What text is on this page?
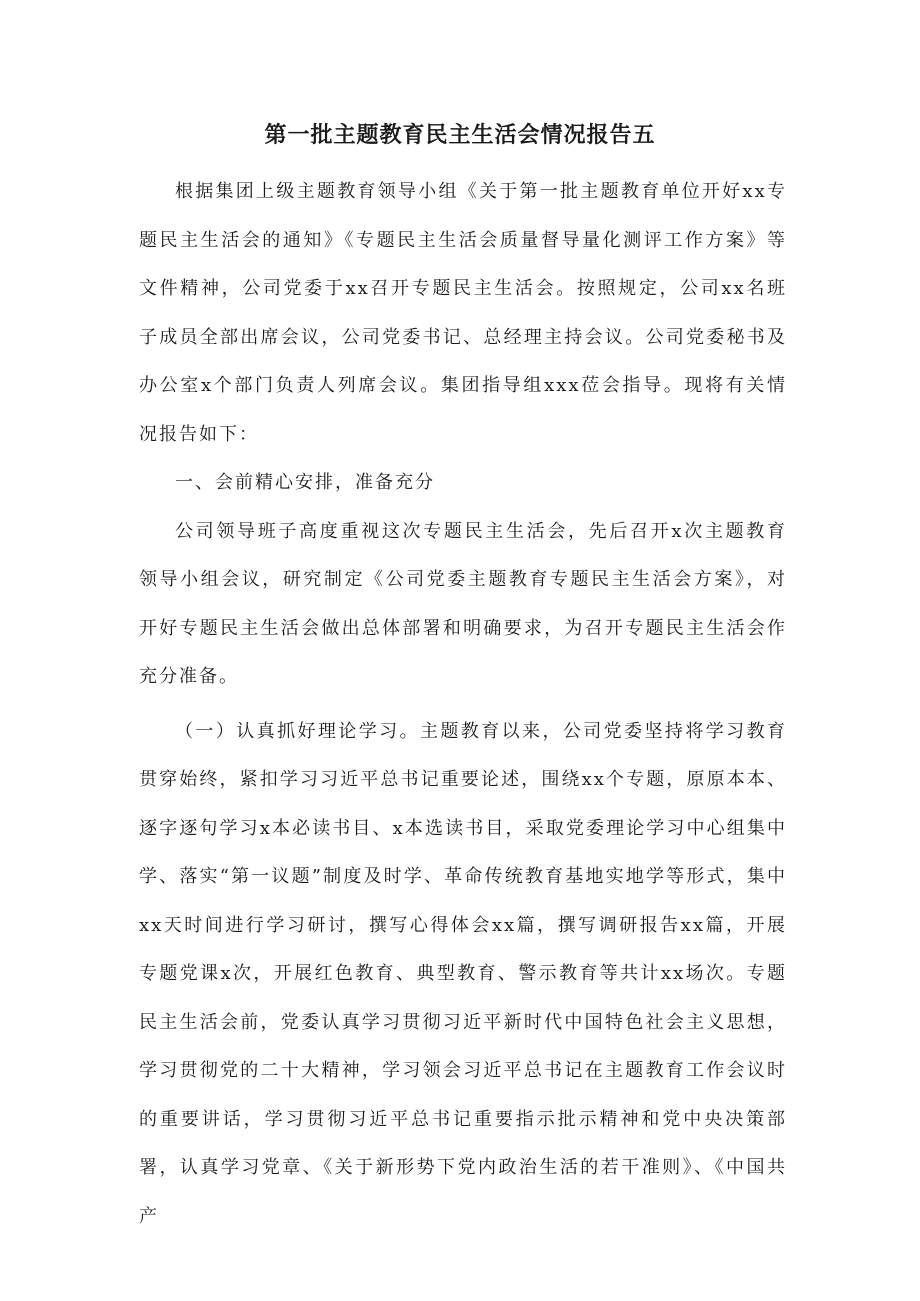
第一批主题教育民主生活会情况报告五

根据集团上级主题教育领导小组《关于第一批主题教育单位开好xx专题民主生活会的通知》《专题民主生活会质量督导量化测评工作方案》等文件精神，公司党委于xx召开专题民主生活会。按照规定，公司xx名班子成员全部出席会议，公司党委书记、总经理主持会议。公司党委秘书及办公室x个部门负责人列席会议。集团指导组xxx莅会指导。现将有关情况报告如下：

一、会前精心安排，准备充分

公司领导班子高度重视这次专题民主生活会，先后召开x次主题教育领导小组会议，研究制定《公司党委主题教育专题民主生活会方案》，对开好专题民主生活会做出总体部署和明确要求，为召开专题民主生活会作充分准备。

（一）认真抓好理论学习。主题教育以来，公司党委坚持将学习教育贯穿始终，紧扣学习习近平总书记重要论述，围绕xx个专题，原原本本、逐字逐句学习x本必读书目、x本选读书目，采取党委理论学习中心组集中学、落实“第一议题”制度及时学、革命传统教育基地实地学等形式，集中xx天时间进行学习研讨，撰写心得体会xx篇，撰写调研报告xx篇，开展专题党课x次，开展红色教育、典型教育、警示教育等共计xx场次。专题民主生活会前，党委认真学习贯彻习近平新时代中国特色社会主义思想，学习贯彻党的二十大精神，学习领会习近平总书记在主题教育工作会议时的重要讲话，学习贯彻习近平总书记重要指示批示精神和党中央决策部署，认真学习党章、《关于新形势下党内政治生活的若干准则》、《中国共产
